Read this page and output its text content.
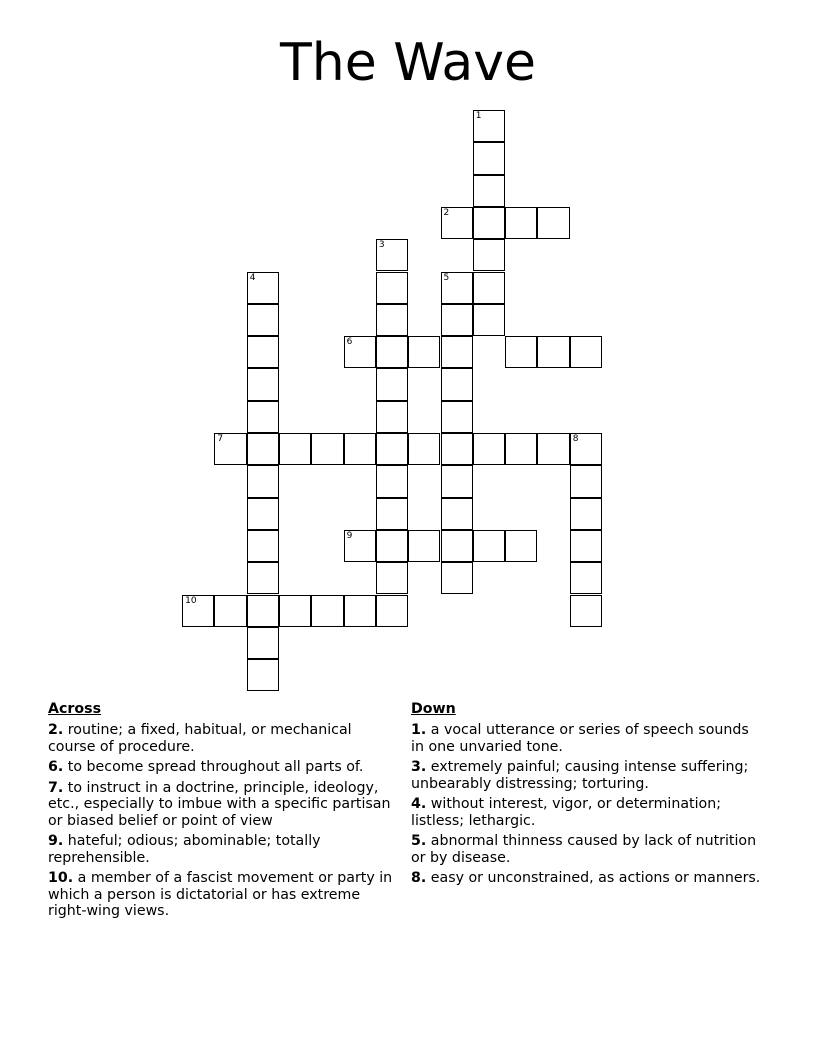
The Wave
1
2
3
4	5
6
7	8
9
10
Across
2. routine; a fixed, habitual, or mechanical course of procedure.
6. to become spread throughout all parts of.
7. to instruct in a doctrine, principle, ideology, etc., especially to imbue with a specific partisan or biased belief or point of view
9. hateful; odious; abominable; totally reprehensible.
10. a member of a fascist movement or party in which a person is dictatorial or has extreme right-wing views.
Down
1. a vocal utterance or series of speech sounds in one unvaried tone.
3. extremely painful; causing intense suffering; unbearably distressing; torturing.
4. without interest, vigor, or determination; listless; lethargic.
5. abnormal thinness caused by lack of nutrition or by disease.
8. easy or unconstrained, as actions or manners.
